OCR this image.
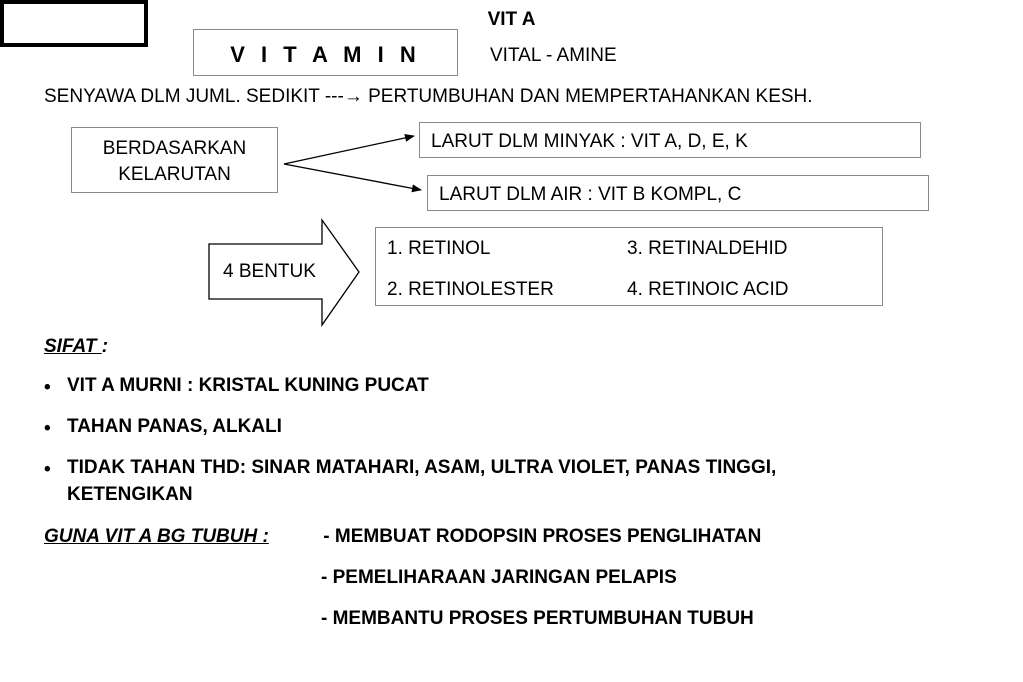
V I T A M I N	VITAL - AMINE
SENYAWA DLM JUML. SEDIKIT ---→ PERTUMBUHAN DAN MEMPERTAHANKAN KESH.
BERDASARKAN
KELARUTAN
LARUT DLM MINYAK : VIT A, D, E, K
LARUT DLM AIR : VIT B KOMPL, C
VIT A
4 BENTUK
1. RETINOL
2. RETINOLESTER
3. RETINALDEHID
4. RETINOIC ACID
SIFAT :
• VIT A MURNI : KRISTAL KUNING PUCAT
• TAHAN PANAS, ALKALI
• TIDAK TAHAN THD: SINAR MATAHARI, ASAM, ULTRA VIOLET, PANAS TINGGI,
KETENGIKAN
GUNA VIT A BG TUBUH :	- MEMBUAT RODOPSIN PROSES PENGLIHATAN
- PEMELIHARAAN JARINGAN PELAPIS
- MEMBANTU PROSES PERTUMBUHAN TUBUH
